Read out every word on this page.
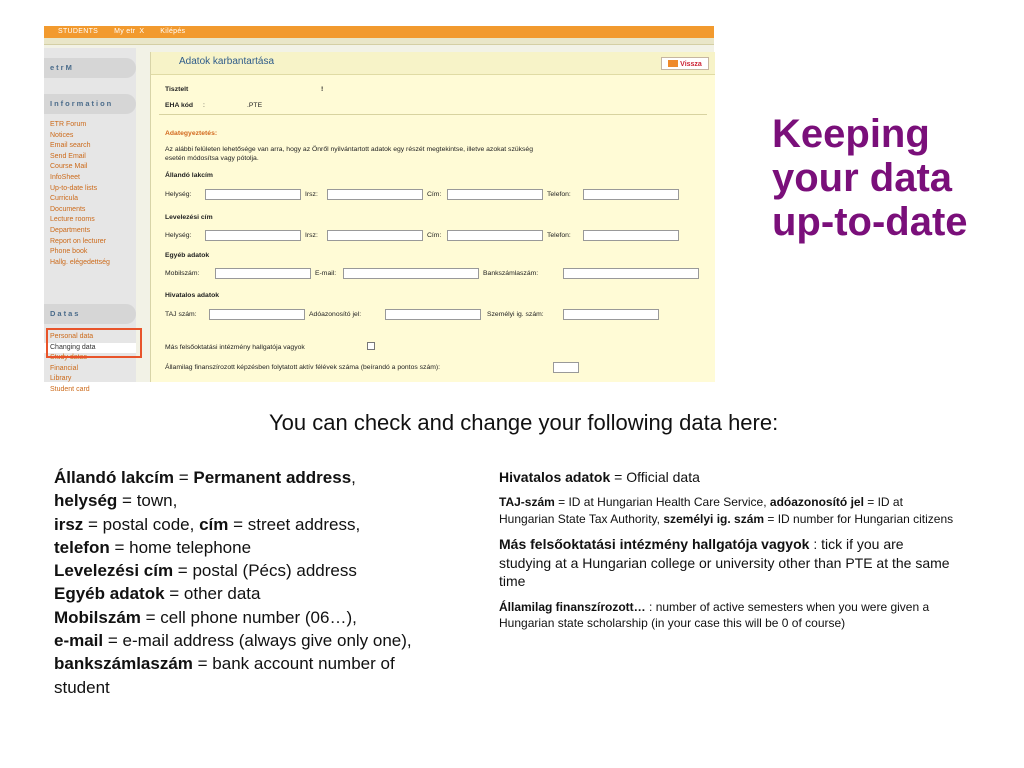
STUDENTS My etr X Kilépés
etrM
Information
ETR Forum
Notices
Email search
Send Email
Course Mail
InfoSheet
Up-to-date lists
Curricula
Documents
Lecture rooms
Departments
Report on lecturer
Phone book
Hallg. elégedettség
Datas
Personal data
Changing data
Study datas
Financial
Library
Student card
Adatok karbantartása	Vissza
Tisztelt	!
EHA kód :	.PTE
Adategyeztetés:
Az alábbi felületen lehetősége van arra, hogy az Önről nyilvántartott adatok egy részét megtekintse, illetve azokat szükség
esetén módosítsa vagy pótolja.
Állandó lakcím
Helység:	Irsz:	Cím:	Telefon:
Levelezési cím
Helység:	Irsz:	Cím:	Telefon:
Egyéb adatok
Mobilszám:	E-mail:	Bankszámlaszám:
Hivatalos adatok
TAJ szám:	Adóazonosító jel:	Személyi ig. szám:
Más felsőoktatási intézmény hallgatója vagyok
Államilag finanszírozott képzésben folytatott aktív félévek száma (beírandó a pontos szám):
Keeping your data up-to-date

You can check and change your following data here:

Állandó lakcím = Permanent address,
helység = town,
irsz = postal code, cím = street address,
telefon = home telephone
Levelezési cím = postal (Pécs) address
Egyéb adatok = other data
Mobilszám = cell phone number (06…),
e-mail = e-mail address (always give only one),
bankszámlaszám = bank account number of student

Hivatalos adatok = Official data

TAJ-szám = ID at Hungarian Health Care Service, adóazonosító jel = ID at Hungarian State Tax Authority, személyi ig. szám = ID number for Hungarian citizens

Más felsőoktatási intézmény hallgatója vagyok : tick if you are studying at a Hungarian college or university other than PTE at the same time

Államilag finanszírozott… : number of active semesters when you were given a Hungarian state scholarship (in your case this will be 0 of course)
